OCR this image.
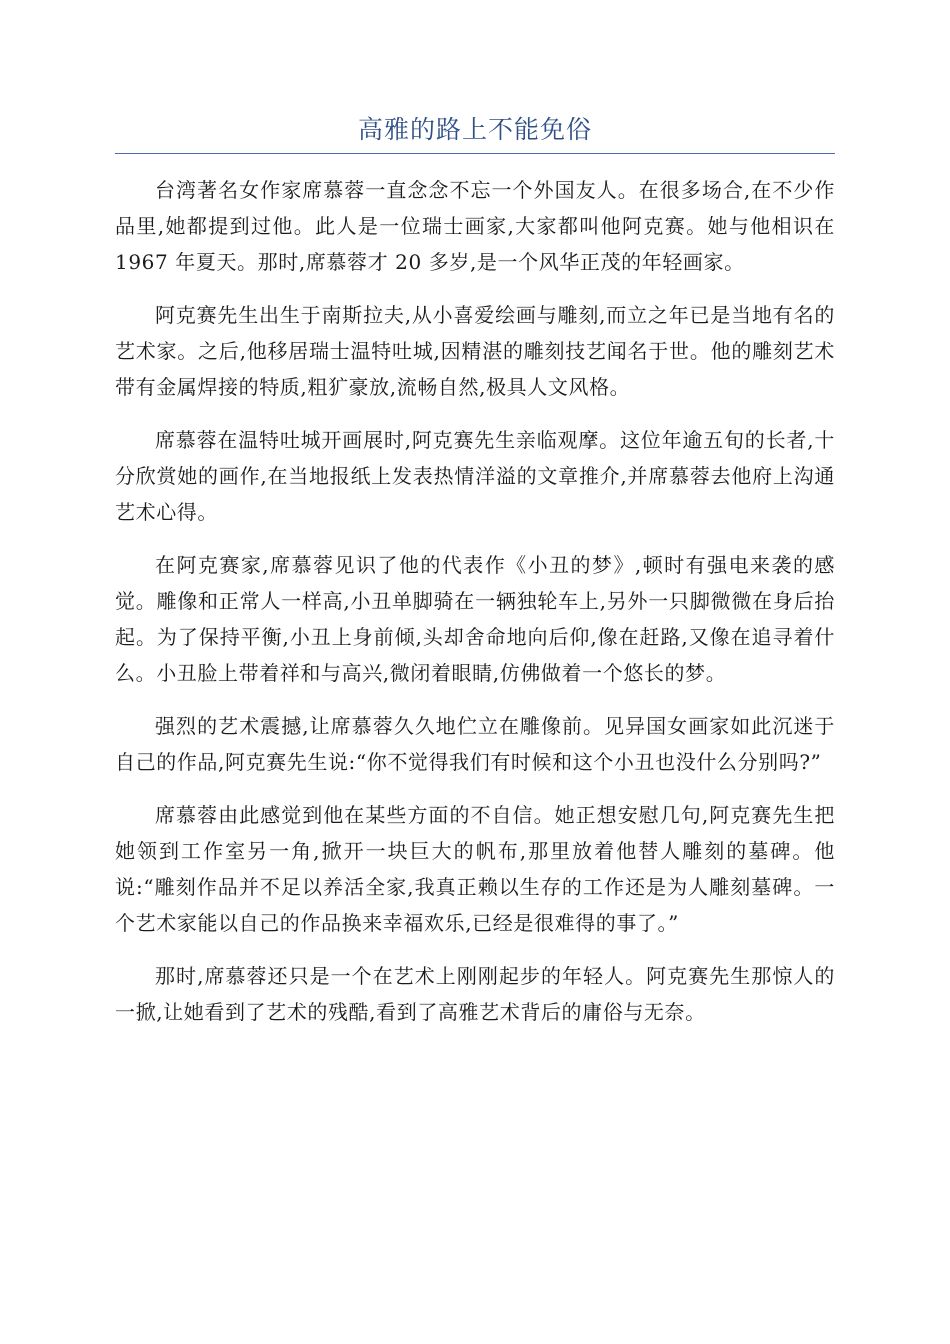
高雅的路上不能免俗

台湾著名女作家席慕蓉一直念念不忘一个外国友人。在很多场合,在不少作品里,她都提到过他。此人是一位瑞士画家,大家都叫他阿克赛。她与他相识在 1967 年夏天。那时,席慕蓉才 20 多岁,是一个风华正茂的年轻画家。

阿克赛先生出生于南斯拉夫,从小喜爱绘画与雕刻,而立之年已是当地有名的艺术家。之后,他移居瑞士温特吐城,因精湛的雕刻技艺闻名于世。他的雕刻艺术带有金属焊接的特质,粗犷豪放,流畅自然,极具人文风格。

席慕蓉在温特吐城开画展时,阿克赛先生亲临观摩。这位年逾五旬的长者,十分欣赏她的画作,在当地报纸上发表热情洋溢的文章推介,并席慕蓉去他府上沟通艺术心得。

在阿克赛家,席慕蓉见识了他的代表作《小丑的梦》,顿时有强电来袭的感觉。雕像和正常人一样高,小丑单脚骑在一辆独轮车上,另外一只脚微微在身后抬起。为了保持平衡,小丑上身前倾,头却舍命地向后仰,像在赶路,又像在追寻着什么。小丑脸上带着祥和与高兴,微闭着眼睛,仿佛做着一个悠长的梦。

强烈的艺术震撼,让席慕蓉久久地伫立在雕像前。见异国女画家如此沉迷于自己的作品,阿克赛先生说:“你不觉得我们有时候和这个小丑也没什么分别吗?”

席慕蓉由此感觉到他在某些方面的不自信。她正想安慰几句,阿克赛先生把她领到工作室另一角,掀开一块巨大的帆布,那里放着他替人雕刻的墓碑。他说:“雕刻作品并不足以养活全家,我真正赖以生存的工作还是为人雕刻墓碑。一个艺术家能以自己的作品换来幸福欢乐,已经是很难得的事了。”

那时,席慕蓉还只是一个在艺术上刚刚起步的年轻人。阿克赛先生那惊人的一掀,让她看到了艺术的残酷,看到了高雅艺术背后的庸俗与无奈。
